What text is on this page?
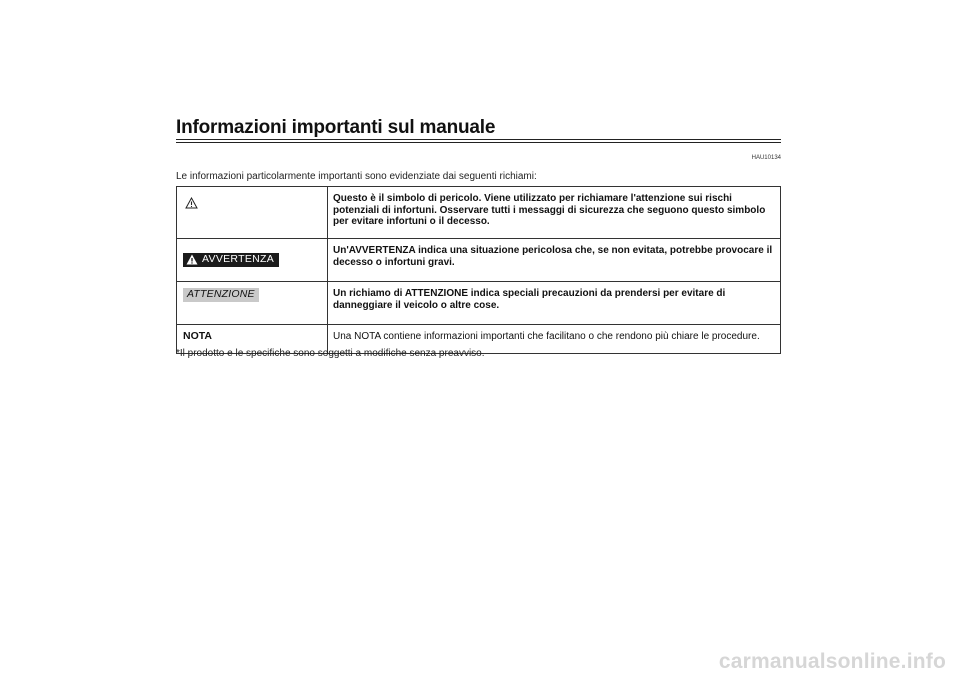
Informazioni importanti sul manuale
HAU10134
Le informazioni particolarmente importanti sono evidenziate dai seguenti richiami:
	Questo è il simbolo di pericolo. Viene utilizzato per richiamare l'attenzione sui rischi potenziali di infortuni. Osservare tutti i messaggi di sicurezza che seguono questo simbolo per evitare infortuni o il decesso.

AVVERTENZA	Un'AVVERTENZA indica una situazione pericolosa che, se non evitata, potrebbe provocare il decesso o infortuni gravi.
ATTENZIONE	Un richiamo di ATTENZIONE indica speciali precauzioni da prendersi per evitare di danneggiare il veicolo o altre cose.
NOTA	Una NOTA contiene informazioni importanti che facilitano o che rendono più chiare le procedure.
*Il prodotto e le specifiche sono soggetti a modifiche senza preavviso.
carmanualsonline.info
